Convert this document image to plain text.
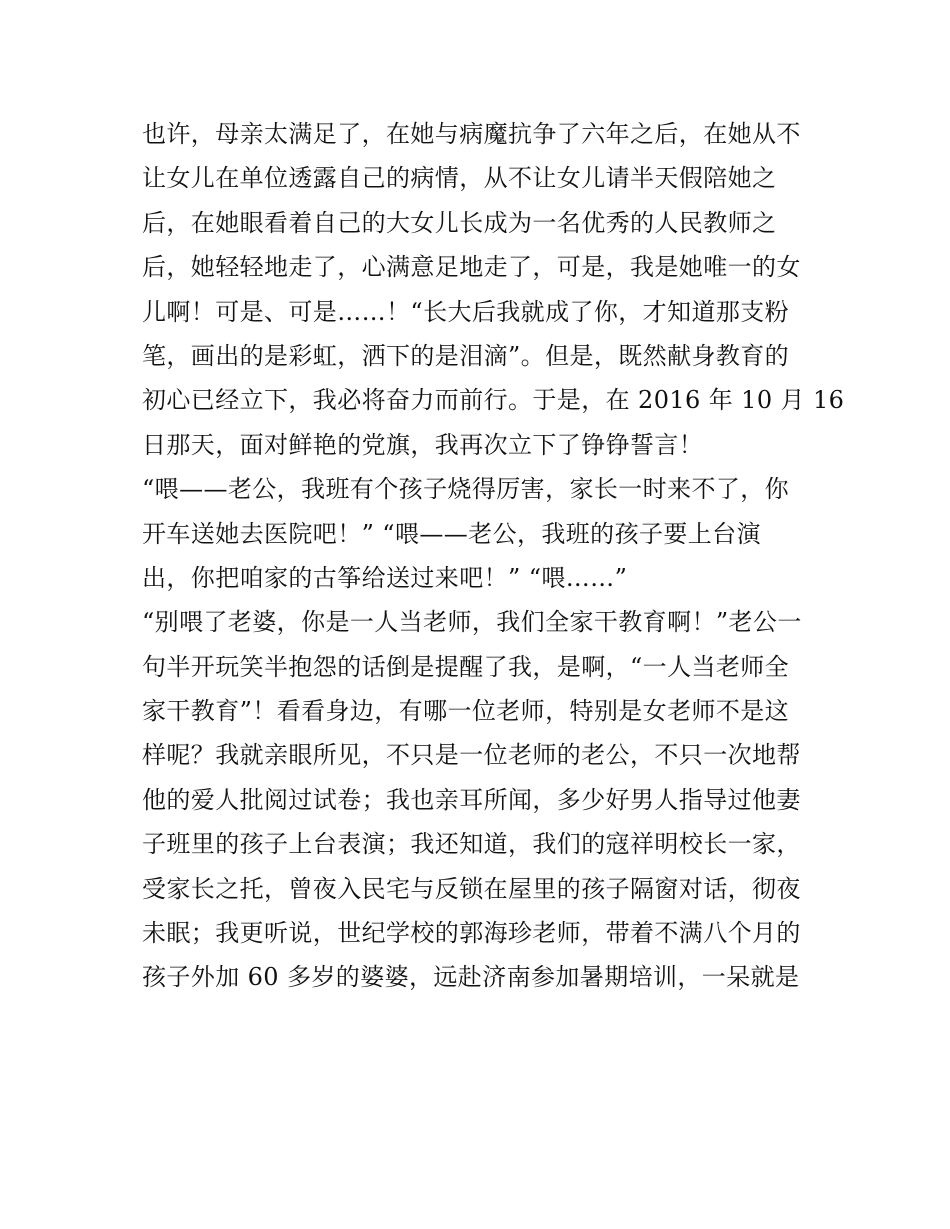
也许，母亲太满足了，在她与病魔抗争了六年之后，在她从不
让女儿在单位透露自己的病情，从不让女儿请半天假陪她之
后，在她眼看着自己的大女儿长成为一名优秀的人民教师之
后，她轻轻地走了，心满意足地走了，可是，我是她唯一的女
儿啊！可是、可是……！“长大后我就成了你，才知道那支粉
笔，画出的是彩虹，洒下的是泪滴”。但是，既然献身教育的
初心已经立下，我必将奋力而前行。于是，在 2016 年 10 月 16
日那天，面对鲜艳的党旗，我再次立下了铮铮誓言！
“喂——老公，我班有个孩子烧得厉害，家长一时来不了，你
开车送她去医院吧！” “喂——老公，我班的孩子要上台演
出，你把咱家的古筝给送过来吧！” “喂……”
“别喂了老婆，你是一人当老师，我们全家干教育啊！”老公一
句半开玩笑半抱怨的话倒是提醒了我，是啊，“一人当老师全
家干教育”！看看身边，有哪一位老师，特别是女老师不是这
样呢？我就亲眼所见，不只是一位老师的老公，不只一次地帮
他的爱人批阅过试卷；我也亲耳所闻，多少好男人指导过他妻
子班里的孩子上台表演；我还知道，我们的寇祥明校长一家，
受家长之托，曾夜入民宅与反锁在屋里的孩子隔窗对话，彻夜
未眠；我更听说，世纪学校的郭海珍老师，带着不满八个月的
孩子外加 60 多岁的婆婆，远赴济南参加暑期培训，一呆就是
